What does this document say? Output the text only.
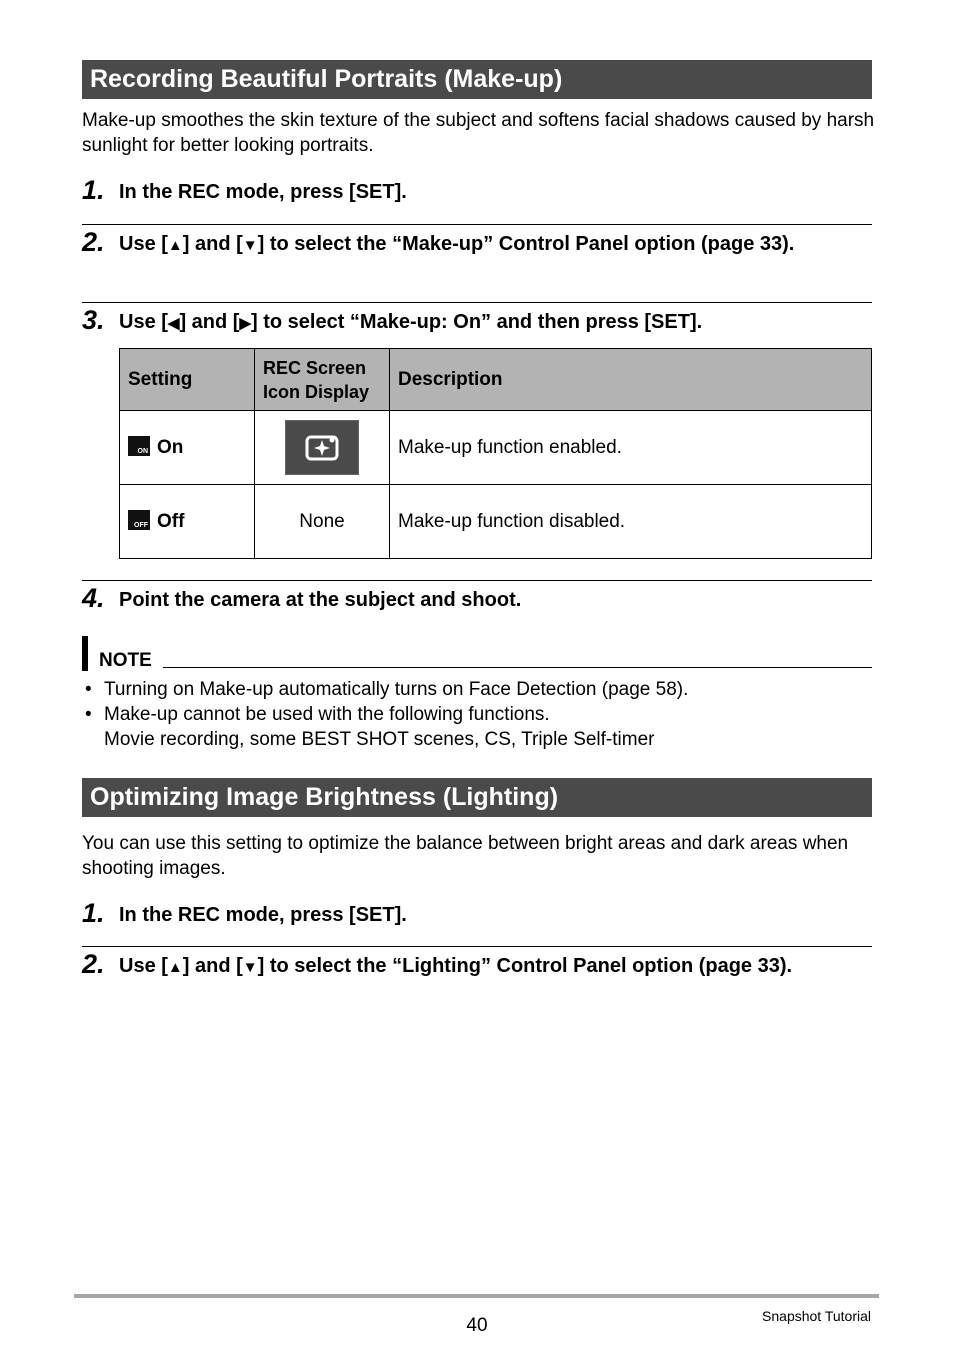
Recording Beautiful Portraits (Make-up)
Make-up smoothes the skin texture of the subject and softens facial shadows caused by harsh sunlight for better looking portraits.
1. In the REC mode, press [SET].
2. Use [▲] and [▼] to select the “Make-up” Control Panel option (page 33).
3. Use [◀] and [▶] to select “Make-up: On” and then press [SET].
Setting	REC Screen Icon Display	Description

ON On		Make-up function enabled.

OFF Off	None	Make-up function disabled.
4. Point the camera at the subject and shoot.
NOTE
• Turning on Make-up automatically turns on Face Detection (page 58).
• Make-up cannot be used with the following functions.
Movie recording, some BEST SHOT scenes, CS, Triple Self-timer
Optimizing Image Brightness (Lighting)
You can use this setting to optimize the balance between bright areas and dark areas when shooting images.
1. In the REC mode, press [SET].
2. Use [▲] and [▼] to select the “Lighting” Control Panel option (page 33).
40	Snapshot Tutorial
